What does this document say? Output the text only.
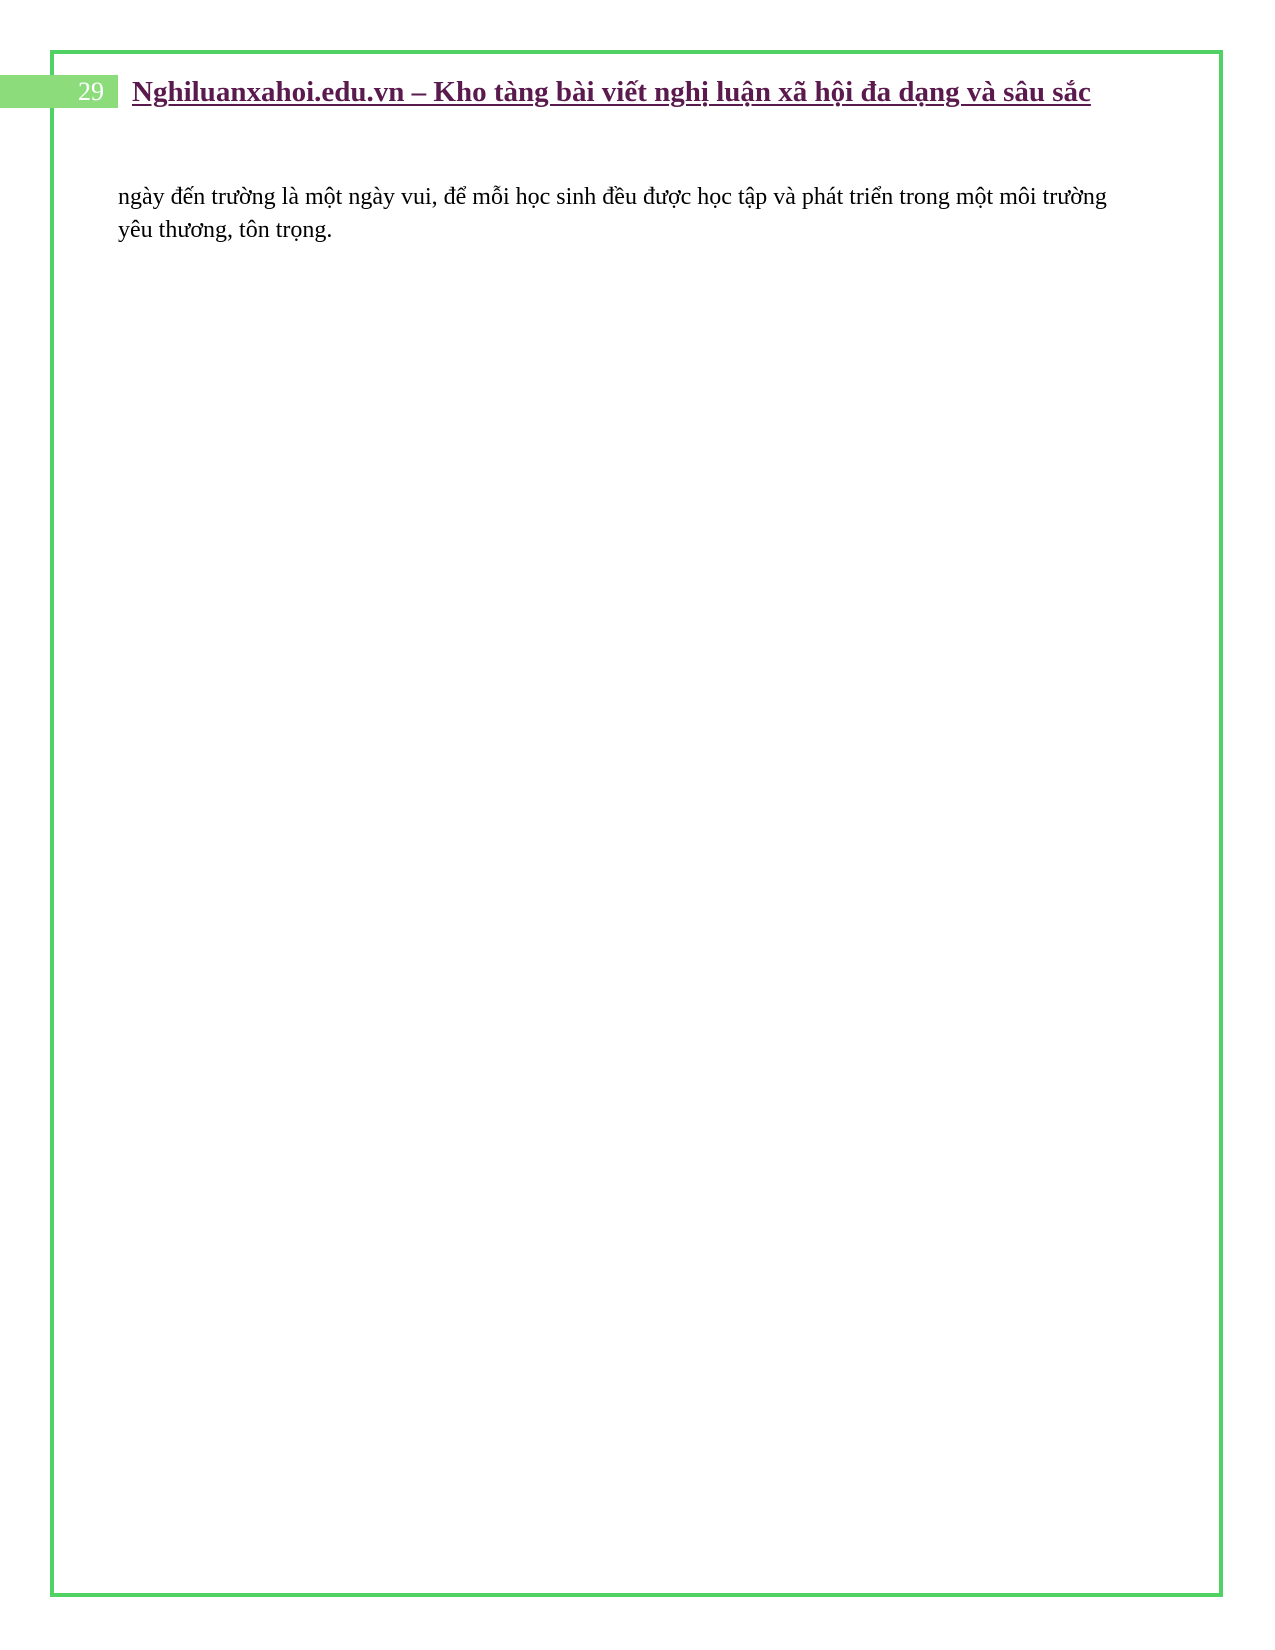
29 Nghiluanxahoi.edu.vn – Kho tàng bài viết nghị luận xã hội đa dạng và sâu sắc
ngày đến trường là một ngày vui, để mỗi học sinh đều được học tập và phát triển trong một môi trường
yêu thương, tôn trọng.
